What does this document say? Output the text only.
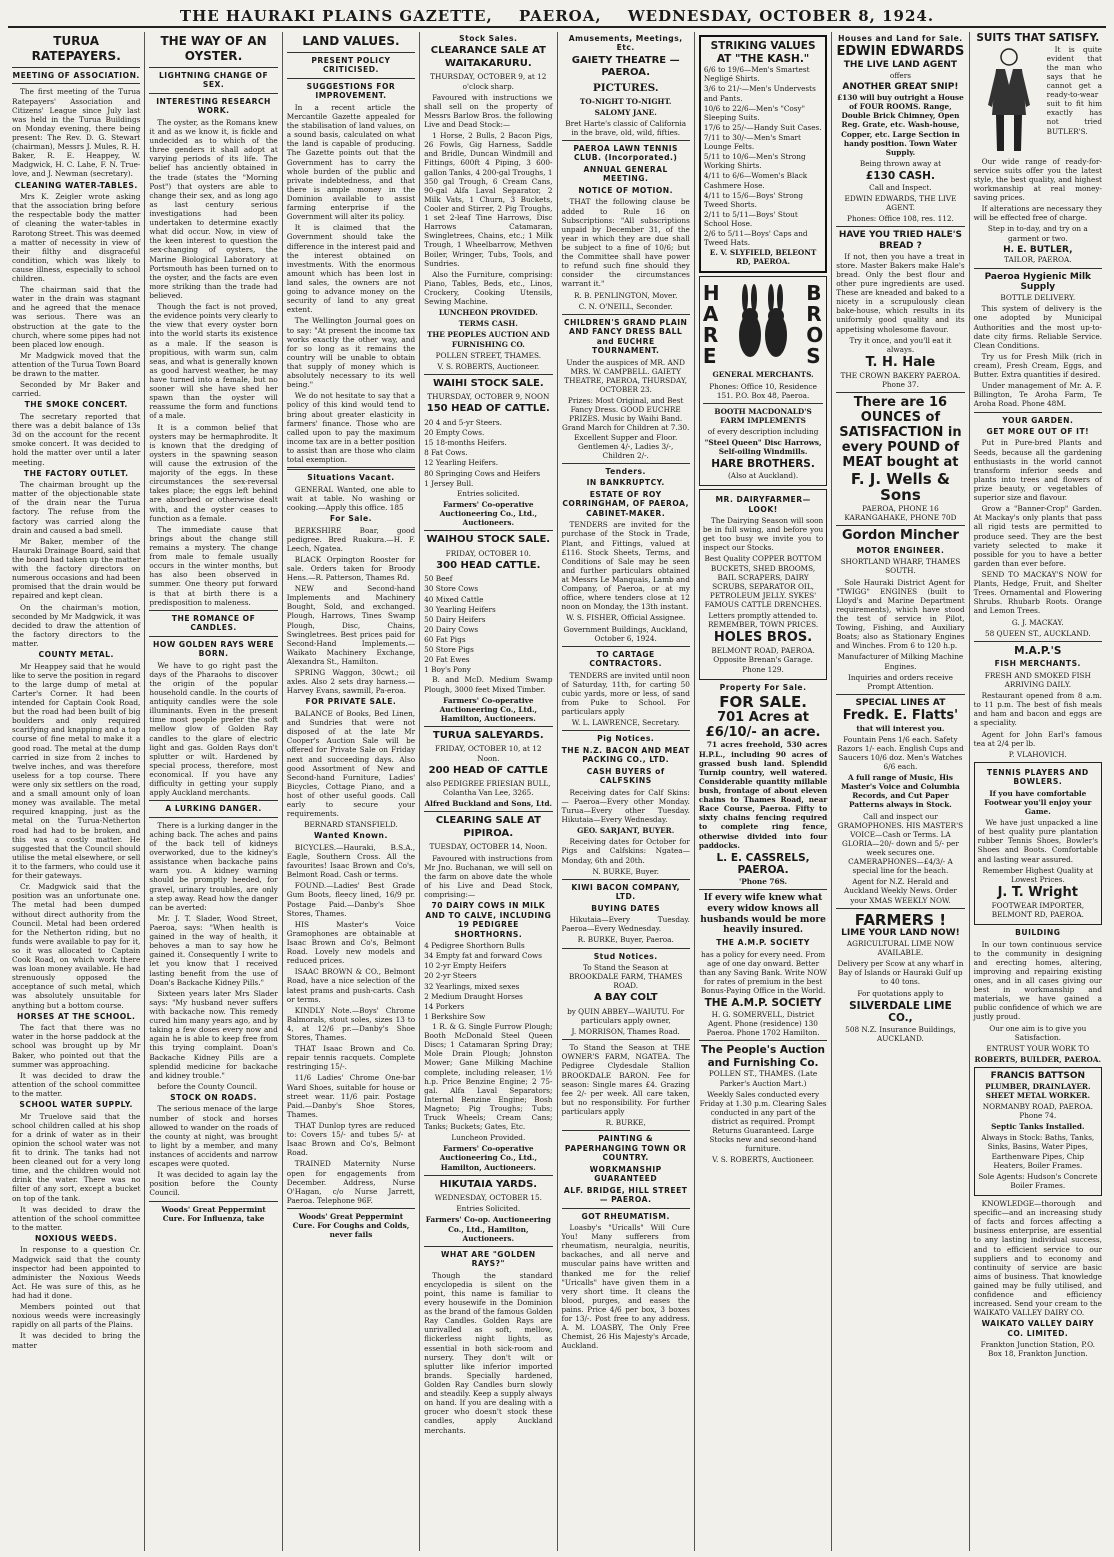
THE HAURAKI PLAINS GAZETTE, PAEROA, WEDNESDAY, OCTOBER 8, 1924.
TURUA RATEPAYERS.
MEETING OF ASSOCIATION.

The first meeting of the Turua Ratepayers' Association and Citizens' League since July last was held in the Turua Buildings on Monday evening, there being present: The Rev. D. G. Stewart (chairman), Messrs J. Mules, R. H. Baker, R. E. Heappey, W. Madgwick, H. C. Lahe, F. N. True-love, and J. Newman (secretary).

CLEANING WATER-TABLES.

Mrs K. Zeigler wrote asking that the association bring before the respectable body the matter of cleaning the water-tables in Rarotong Street. This was deemed a matter of necessity in view of their filthy and disgraceful condition, which was likely to cause illness, especially to school children.

The chairman said that the water in the drain was stagnant and he agreed that the menace was serious. There was an obstruction at the gate to the church, where some pipes had not been placed low enough.

Mr Madgwick moved that the attention of the Turua Town Board be drawn to the matter.

Seconded by Mr Baker and carried.

THE SMOKE CONCERT.

The secretary reported that there was a debit balance of 13s 3d on the account for the recent smoke concert. It was decided to hold the matter over until a later meeting.

THE FACTORY OUTLET.

The chairman brought up the matter of the objectionable state of the drain near the Turua factory. The refuse from the factory was carried along the drain and caused a bad smell.

Mr Baker, member of the Hauraki Drainage Board, said that the board had taken up the matter with the factory directors on numerous occasions and had been promised that the drain would be repaired and kept clean.

On the chairman's motion, seconded by Mr Madgwick, it was decided to draw the attention of the factory directors to the matter.

COUNTY METAL.

Mr Heappey said that he would like to serve the position in regard to the large dump of metal at Carter's Corner. It had been intended for Captain Cook Road, but the road had been built of big boulders and only required scarifying and knapping and a top course of fine metal to make it a good road. The metal at the dump carried in size from 2 inches to twelve inches, and was therefore useless for a top course. There were only six settlers on the road, and a small amount only of loan money was available. The metal required knapping, just as the metal on the Turua-Netherton road had had to be broken, and this was a costly matter. He suggested that the Council should utilise the metal elsewhere, or sell it to the farmers, who could use it for their gateways.

Cr. Madgwick said that the position was an unfortunate one. The metal had been dumped without direct authority from the Council. Metal had been ordered for the Netherton riding, but no funds were available to pay for it, so it was allocated to Captain Cook Road, on which work there was loan money available. He had strenuously opposed the acceptance of such metal, which was absolutely unsuitable for anything but a bottom course.

HORSES AT THE SCHOOL.

The fact that there was no water in the horse paddock at the school was brought up by Mr Baker, who pointed out that the summer was approaching.

It was decided to draw the attention of the school committee to the matter.

SCHOOL WATER SUPPLY.

Mr Truelove said that the school children called at his shop for a drink of water as in their opinion the school water was not fit to drink. The tanks had not been cleaned out for a very long time, and the children would not drink the water. There was no filter of any sort, except a bucket on top of the tank.

It was decided to draw the attention of the school committee to the matter.

NOXIOUS WEEDS.

In response to a question Cr. Madgwick said that the county inspector had been appointed to administer the Noxious Weeds Act. He was sure of this, as he had had it done.

Members pointed out that noxious weeds were increasingly rapidly on all parts of the Plains.

It was decided to bring the matter

THE WAY OF AN OYSTER.
LIGHTNING CHANGE OF SEX.
INTERESTING RESEARCH WORK.

The oyster, as the Romans knew it and as we know it, is fickle and undecided as to which of the three genders it shall adopt at varying periods of its life. The belief has anciently obtained in the trade (states the "Morning Post") that oysters are able to change their sex, and as long ago as last century serious investigations had been undertaken to determine exactly what did occur. Now, in view of the keen interest to question the sex-changing of oysters, the Marine Biological Laboratory at Portsmouth has been turned on to the oyster, and the facts are even more striking than the trade had believed.

Though the fact is not proved, the evidence points very clearly to the view that every oyster born into the world starts its existence as a male. If the season is propitious, with warm sun, calm seas, and what is generally known as good harvest weather, he may have turned into a female, but no sooner will she have shed her spawn than the oyster will reassume the form and functions of a male.

It is a common belief that oysters may be hermaphrodite. It is known that the dredging of oysters in the spawning season will cause the extrusion of the majority of the eggs. In these circumstances the sex-reversal takes place; the eggs left behind are absorbed or otherwise dealt with, and the oyster ceases to function as a female.

The immediate cause that brings about the change still remains a mystery. The change from male to female usually occurs in the winter months, but has also been observed in summer. One theory put forward is that at birth there is a predisposition to maleness.

THE ROMANCE OF CANDLES.
HOW GOLDEN RAYS WERE BORN.

We have to go right past the days of the Pharaohs to discover the origin of the popular household candle. In the courts of antiquity candles were the sole illuminants. Even in the present time most people prefer the soft mellow glow of Golden Ray candles to the glare of electric light and gas. Golden Rays don't splutter or wilt. Hardened by special process, therefore, most economical. If you have any difficulty in getting your supply apply Auckland merchants.

A LURKING DANGER.

There is a lurking danger in the aching back. The aches and pains of the back tell of kidneys overworked, due to the kidney's assistance when backache pains warn you. A kidney warning should be promptly heeded, for gravel, urinary troubles, are only a step away. Read how the danger can be averted:

Mr. J. T. Slader, Wood Street, Paeroa, says: "When health is gained in the way of health, it behoves a man to say how he gained it. Consequently I write to let you know that I received lasting benefit from the use of Doan's Backache Kidney Pills."

Sixteen years later Mrs Slader says: "My husband never suffers with backache now. This remedy cured him many years ago, and by taking a few doses every now and again he is able to keep free from this trying complaint. Doan's Backache Kidney Pills are a splendid medicine for backache and kidney trouble."

before the County Council.

STOCK ON ROADS.

The serious menace of the large number of stock and horses allowed to wander on the roads of the county at night, was brought to light by a member, and many instances of accidents and narrow escapes were quoted.

It was decided to again lay the position before the County Council.

Woods' Great Peppermint Cure. For Influenza, take

LAND VALUES.
PRESENT POLICY CRITICISED.
SUGGESTIONS FOR IMPROVEMENT.

In a recent article the Mercantile Gazette appealed for the stabilisation of land values, on a sound basis, calculated on what the land is capable of producing. The Gazette points out that the Government has to carry the whole burden of the public and private indebtedness, and that there is ample money in the Dominion available to assist farming enterprise if the Government will alter its policy.

It is claimed that the Government should take the difference in the interest paid and the interest obtained on investments. With the enormous amount which has been lost in land sales, the owners are not going to advance money on the security of land to any great extent.

The Wellington Journal goes on to say: "At present the income tax works exactly the other way, and for so long as it remains the country will be unable to obtain that supply of money which is absolutely necessary to its well being."

We do not hesitate to say that a policy of this kind would tend to bring about greater elasticity in farmers' finance. Those who are called upon to pay the maximum income tax are in a better position to assist than are those who claim total exemption.

Situations Vacant.

GENERAL Wanted, one able to wait at table. No washing or cooking.—Apply this office. 185

For Sale.

BERKSHIRE Boar, good pedigree. Bred Ruakura.—H. F. Leech, Ngatea.

BLACK Orpington Rooster for sale. Orders taken for Broody Hens.—R. Patterson, Thames Rd.

NEW and Second-hand Implements and Machinery Bought, Sold, and exchanged. Plough, Harrows, Tines Swamp Plough, Disc, Chains, Swingletrees. Best prices paid for Second-Hand Implements.—Waikato Machinery Exchange, Alexandra St., Hamilton.

SPRING Waggon, 30cwt.; oil axles. Also 2 sets dray harness.—Harvey Evans, sawmill, Pa-eroa.

FOR PRIVATE SALE.

BALANCE of Books, Bed Linen, and Sundries that were not disposed of at the late Mr Cooper's Auction Sale will be offered for Private Sale on Friday next and succeeding days. Also good Assortment of New and Second-hand Furniture, Ladies' Bicycles, Cottage Piano, and a host of other useful goods. Call early to secure your requirements.

BERNARD STANSFIELD.

Wanted Known.

BICYCLES.—Hauraki, B.S.A., Eagle, Southern Cross. All the favourites! Isaac Brown and Co's, Belmont Road. Cash or terms.

FOUND.—Ladies' Best Grade Gum Boots, fleecy lined, 16/9 pr. Postage Paid.—Danby's Shoe Stores, Thames.

HIS Master's Voice Gramophones are obtainable at Isaac Brown and Co's, Belmont Road. Lovely new models and reduced prices.

ISAAC BROWN & CO., Belmont Road, have a nice selection of the latest prams and push-carts. Cash or terms.

KINDLY Note.—Boys' Chrome Balmorals, stout soles, sizes 13 to 4, at 12/6 pr.—Danby's Shoe Stores, Thames.

THAT Isaac Brown and Co. repair tennis racquets. Complete restringing 15/-.

11/6 Ladies' Chrome One-bar Ward Shoes, suitable for house or street wear. 11/6 pair. Postage Paid.—Danby's Shoe Stores, Thames.

THAT Dunlop tyres are reduced to: Covers 15/- and tubes 5/- at Isaac Brown and Co's, Belmont Road.

TRAINED Maternity Nurse open for engagements from December. Address, Nurse O'Hagan, c/o Nurse Jarrett, Paeroa. Telephone 96F.

Woods' Great Peppermint Cure. For Coughs and Colds, never fails

Stock Sales.
CLEARANCE SALE AT WAITAKARURU.

THURSDAY, OCTOBER 9, at 12 o'clock sharp.

Favoured with instructions we shall sell on the property of Messrs Barlow Bros. the following Live and Dead Stock:—

1 Horse, 2 Bulls, 2 Bacon Pigs, 26 Fowls, Gig Harness, Saddle and Bridle, Duncan Windmill and Fittings, 600ft 4 Piping, 3 600-gallon Tanks, 4 200-gal Troughs, 1 350 gal Trough, 6 Cream Cans, 90-gal Alfa Laval Separator, 2 Milk Vats, 1 Churn, 3 Buckets, Cooler and Stirrer, 2 Pig Troughs, 1 set 2-leaf Tine Harrows, Disc Harrows Catamaran, Swingletrees, Chains, etc.; 1 Milk Trough, 1 Wheelbarrow, Methven Boiler, Wringer, Tubs, Tools, and Sundries.

Also the Furniture, comprising: Piano, Tables, Beds, etc., Linos, Crockery, Cooking Utensils, Sewing Machine.

LUNCHEON PROVIDED.

TERMS CASH.

THE PEOPLES AUCTION AND FURNISHING CO.

POLLEN STREET, THAMES.

V. S. ROBERTS, Auctioneer.

WAIHI STOCK SALE.

THURSDAY, OCTOBER 9, NOON

150 HEAD OF CATTLE.
20 4 and 5-yr Steers.
20 Empty Cows.
15 18-months Heifers.
8 Fat Cows.
12 Yearling Heifers.
80 Springing Cows and Heifers
1 Jersey Bull.

Entries solicited.

Farmers' Co-operative Auctioneering Co., Ltd., Auctioneers.

WAIHOU STOCK SALE.

FRIDAY, OCTOBER 10.

300 HEAD CATTLE.
50 Beef
30 Store Cows
40 Mixed Cattle
30 Yearling Heifers
50 Dairy Heifers
20 Dairy Cows
60 Fat Pigs
50 Store Pigs
20 Fat Ewes
1 Boy's Pony

B. and McD. Medium Swamp Plough, 3000 feet Mixed Timber.

Farmers' Co-operative Auctioneering Co., Ltd., Hamilton, Auctioneers.

TURUA SALEYARDS.

FRIDAY, OCTOBER 10, at 12 Noon.

200 HEAD OF CATTLE

also PEDIGREE FRIESIAN BULL, Colantha Van Lee, 3265.

Alfred Buckland and Sons, Ltd.

CLEARING SALE AT PIPIROA.

TUESDAY, OCTOBER 14, Noon.

Favoured with instructions from Mr Jno. Buchanan, we will sell on the farm on above date the whole of his Live and Dead Stock, comprising:—

70 DAIRY COWS IN MILK AND TO CALVE, INCLUDING 19 PEDIGREE SHORTHORNS.
4 Pedigree Shorthorn Bulls
34 Empty fat and forward Cows
10 2-yr Empty Heifers
20 2-yr Steers
32 Yearlings, mixed sexes
2 Medium Draught Horses
14 Porkers
1 Berkshire Sow

1 R. & G. Single Furrow Plough; Booth McDonald Steel Queen Discs; 1 Catamaran Spring Dray; Mole Drain Plough; Johnston Mower; Gane Milking Machine complete, including releaser, 1½ h.p. Price Benzine Engine; 2 75-gal. Alfa Laval Separators; Internal Benzine Engine; Bosh Magneto; Pig Troughs; Tubs; Truck Wheels; Cream Cans; Tanks; Buckets; Gates, Etc.

Luncheon Provided.

Farmers' Co-operative Auctioneering Co., Ltd., Hamilton, Auctioneers.

HIKUTAIA YARDS.

WEDNESDAY, OCTOBER 15.

Entries Solicited.

Farmers' Co-op. Auctioneering Co., Ltd., Hamilton, Auctioneers.

WHAT ARE "GOLDEN RAYS?"

Though the standard encyclopedia is silent on the point, this name is familiar to every housewife in the Dominion as the brand of the famous Golden Ray Candles. Golden Rays are unrivalled as soft, mellow, flickerless night lights, as essential in both sick-room and nursery. They don't wilt or splutter like inferior imported brands. Specially hardened, Golden Ray Candles burn slowly and steadily. Keep a supply always on hand. If you are dealing with a grocer who doesn't stock these candles, apply Auckland merchants.

Amusements, Meetings, Etc.
GAIETY THEATRE — PAEROA.

PICTURES.

TO-NIGHT TO-NIGHT.

SALOMY JANE.

Bret Harte's classic of California in the brave, old, wild, fifties.

PAEROA LAWN TENNIS CLUB. (Incorporated.)
ANNUAL GENERAL MEETING.
NOTICE OF MOTION.

THAT the following clause be added to Rule 16 on Subscriptions: "All subscriptions unpaid by December 31, of the year in which they are due shall be subject to a fine of 10/6; but the Committee shall have power to refund such fine should they consider the circumstances warrant it."

R. B. PENLINGTON, Mover.

C. N. O'NEILL, Seconder.

CHILDREN'S GRAND PLAIN AND FANCY DRESS BALL and EUCHRE TOURNAMENT.

Under the auspices of MR. AND MRS. W. CAMPBELL. GAIETY THEATRE, PAEROA, THURSDAY, OCTOBER 23.

Prizes: Most Original, and Best Fancy Dress. GOOD EUCHRE PRIZES. Music by Waihi Band. Grand March for Children at 7.30. Excellent Supper and Floor. Gentlemen 4/-, Ladies 3/-, Children 2/-.

Tenders.
IN BANKRUPTCY.
ESTATE OF ROY CORRINGHAM, OF PAEROA, CABINET-MAKER.

TENDERS are invited for the purchase of the Stock in Trade, Plant, and Fittings, valued at £116. Stock Sheets, Terms, and Conditions of Sale may be seen and further particulars obtained at Messrs Le Manquais, Lamb and Company, of Paeroa, or at my office, where tenders close at 12 noon on Monday, the 13th instant.

W. S. FISHER, Official Assignee.

Government Buildings, Auckland, October 6, 1924.

TO CARTAGE CONTRACTORS.

TENDERS are invited until noon of Saturday, 11th, for carting 50 cubic yards, more or less, of sand from Puke to School. For particulars apply

W. L. LAWRENCE, Secretary.

Pig Notices.
THE N.Z. BACON AND MEAT PACKING CO., LTD.
CASH BUYERS of CALFSKINS

Receiving dates for Calf Skins:— Paeroa—Every other Monday. Turua—Every other Tuesday. Hikutaia—Every Wednesday.

GEO. SARJANT, BUYER.

Receiving dates for October for Pigs and Calfskins: Ngatea—Monday, 6th and 20th.

N. BURKE, Buyer.

KIWI BACON COMPANY, LTD.
BUYING DATES

Hikutaia—Every Tuesday. Paeroa—Every Wednesday.

R. BURKE, Buyer, Paeroa.

Stud Notices.

To Stand the Season at BROOKDALE FARM, THAMES ROAD.

A BAY COLT

by QUIN ABBEY—WAIUTU. For particulars apply owner,

J. MORRISON, Thames Road.

To Stand the Season at THE OWNER'S FARM, NGATEA. The Pedigree Clydesdale Stallion BROOKDALE BARON. Fee for season: Single mares £4. Grazing fee 2/- per week. All care taken, but no responsibility. For further particulars apply

R. BURKE,

PAINTING & PAPERHANGING TOWN OR COUNTRY.
WORKMANSHIP GUARANTEED
ALF. BRIDGE, HILL STREET — PAEROA.
GOT RHEUMATISM.

Loasby's "Uricalls" Will Cure You! Many sufferers from rheumatism, neuralgia, neuritis, backaches, and all nerve and muscular pains have written and thanked me for the relief "Uricalls" have given them in a very short time. It cleans the blood, purges, and eases the pains. Price 4/6 per box, 3 boxes for 13/-. Post free to any address. A. M. LOASBY, The Only Free Chemist, 26 His Majesty's Arcade, Auckland.

STRIKING VALUES AT "THE KASH."
6/6 to 19/6—Men's Smartest Negligé Shirts.
3/6 to 21/-—Men's Undervests and Pants.
10/6 to 22/6—Men's "Cosy" Sleeping Suits.
17/6 to 25/-—Handy Suit Cases.
7/11 to 30/-—Men's Smart Lounge Felts.
5/11 to 10/6—Men's Strong Working Shirts.
4/11 to 6/6—Women's Black Cashmere Hose.
4/11 to 15/6—Boys' Strong Tweed Shorts.
2/11 to 5/11—Boys' Stout School Hose.
2/6 to 5/11—Boys' Caps and Tweed Hats.

E. V. SLYFIELD, BELEONT RD, PAEROA.

H
A
R
E
B
R
O
S

GENERAL MERCHANTS.

Phones: Office 10, Residence 151. P.O. Box 48, Paeroa.

BOOTH MACDONALD'S FARM IMPLEMENTS

of every description including

"Steel Queen" Disc Harrows, Self-oiling Windmills.

HARE BROTHERS.

(Also at Auckland).

MR. DAIRYFARMER—LOOK!

The Dairying Season will soon be in full swing, and before you get too busy we invite you to inspect our Stocks.

Best Quality COPPER BOTTOM BUCKETS, SHED BROOMS, BAIL SCRAPERS, DAIRY SCRUBS, SEPARATOR OIL, PETROLEUM JELLY. SYKES' FAMOUS CATTLE DRENCHES.

Letters promptly attended to. REMEMBER, TOWN PRICES.

HOLES BROS.

BELMONT ROAD, PAEROA. Opposite Brenan's Garage. Phone 129.

Property For Sale.
FOR SALE.
701 Acres at £6/10/- an acre.

71 acres freehold, 530 acres H.P.L., including 90 acres of grassed bush land. Splendid Turnip country, well watered. Considerable quantity millable bush, frontage of about eleven chains to Thames Road, near Race Course, Paeroa. Fifty to sixty chains fencing required to complete ring fence, otherwise divided into four paddocks.

L. E. CASSRELS, PAEROA.

'Phone 76S.

If every wife knew what every widow knows all husbands would be more heavily insured.

THE A.M.P. SOCIETY

has a policy for every need. From age of one day onward. Better than any Saving Bank. Write NOW for rates of premium in the best Bonus-Paying Office in the World.

THE A.M.P. SOCIETY

H. G. SOMERVELL, District Agent. Phone (residence) 130 Paeroa. Phone 1702 Hamilton.

The People's Auction and Furnishing Co.

POLLEN ST., THAMES. (Late Parker's Auction Mart.)

Weekly Sales conducted every Friday at 1.30 p.m. Clearing Sales conducted in any part of the district as required. Prompt Returns Guaranteed. Large Stocks new and second-hand furniture.

V. S. ROBERTS, Auctioneer.

Houses and Land for Sale.
EDWIN EDWARDS
THE LIVE LAND AGENT

offers

ANOTHER GREAT SNIP!

£130 will buy outright a House of FOUR ROOMS. Range, Double Brick Chimney, Open Reg. Grate, etc. Wash-house, Copper, etc. Large Section in handy position. Town Water Supply.

Being thrown away at

£130 CASH.

Call and Inspect.

EDWIN EDWARDS, THE LIVE AGENT.

Phones: Office 108, res. 112.

HAVE YOU TRIED HALE'S BREAD ?

If not, then you have a treat in store. Master Bakers make Hale's bread. Only the best flour and other pure ingredients are used. These are kneaded and baked to a nicety in a scrupulously clean bake-house, which results in its uniformly good quality and its appetising wholesome flavour.

Try it once, and you'll eat it always.

T. H. Hale

THE CROWN BAKERY PAEROA. Phone 37.

There are 16 OUNCES of SATISFACTION in every POUND of MEAT bought at
F. J. Wells & Sons

PAEROA, PHONE 16 KARANGAHAKE, PHONE 70D

Gordon Mincher
MOTOR ENGINEER.

SHORTLAND WHARF, THAMES SOUTH.

Sole Hauraki District Agent for "TWIGG" ENGINES (built to Lloyd's and Marine Department requirements), which have stood the test of service in Pilot, Towing, Fishing, and Auxiliary Boats; also as Stationary Engines and Winches. From 6 to 120 h.p.

Manufacturer of Milking Machine Engines.

Inquiries and orders receive Prompt Attention.

SPECIAL LINES AT
Fredk. E. Flatts'

that will interest you.

Fountain Pens 1/6 each. Safety Razors 1/- each. English Cups and Saucers 10/6 doz. Men's Watches 6/6 each.

A full range of Music, His Master's Voice and Columbia Records, and Cut Paper Patterns always in Stock.

Call and inspect our GRAMOPHONES. HIS MASTER'S VOICE—Cash or Terms. LA GLORIA—20/- down and 5/- per week secures one. CAMERAPHONES—£4/3/- A special line for the beach.

Agent for N.Z. Herald and Auckland Weekly News. Order your XMAS WEEKLY NOW.

FARMERS !
LIME YOUR LAND NOW!

AGRICULTURAL LIME NOW AVAILABLE.

Delivery per Scow at any wharf in Bay of Islands or Hauraki Gulf up to 40 tons.

For quotations apply to

SILVERDALE LIME CO.,

508 N.Z. Insurance Buildings, AUCKLAND.

SUITS THAT SATISFY.

It is quite evident that the man who says that he cannot get a ready-to-wear suit to fit him exactly has not tried BUTLER'S.

Our wide range of ready-for-service suits offer you the latest style, the best quality, and highest workmanship at real money-saving prices.

If alterations are necessary they will be effected free of charge.

Step in to-day, and try on a garment or two.

H. E. BUTLER,

TAILOR, PAEROA.

Paeroa Hygienic Milk Supply

BOTTLE DELIVERY.

This system of delivery is the one adopted by Municipal Authorities and the most up-to-date city firms. Reliable Service. Clean Conditions.

Try us for Fresh Milk (rich in cream), Fresh Cream, Eggs, and Butter. Extra quantities if desired.

Under management of Mr. A. F. Billington, Te Aroha Farm, Te Aroha Road. Phone 48M.

YOUR GARDEN.
GET MORE OUT OF IT!

Put in Pure-bred Plants and Seeds, because all the gardening enthusiasts in the world cannot transform inferior seeds and plants into trees and flowers of prize beauty, or vegetables of superior size and flavour.

Grow a "Banner-Crop" Garden. At Mackay's only plants that pass all rigid tests are permitted to produce seed. They are the best variety selected to make it possible for you to have a better garden than ever before.

SEND TO MACKAY'S NOW for Plants, Hedge, Fruit, and Shelter Trees. Ornamental and Flowering Shrubs. Rhubarb Roots. Orange and Lemon Trees.

G. J. MACKAY.

58 QUEEN ST., AUCKLAND.

M.A.P.'S
FISH MERCHANTS.

FRESH AND SMOKED FISH ARRIVING DAILY.

Restaurant opened from 8 a.m. to 11 p.m. The best of fish meals and ham and bacon and eggs are a speciality.

Agent for John Earl's famous tea at 2/4 per lb.

P. VLAHOVICH.

TENNIS PLAYERS AND BOWLERS.

If you have comfortable Footwear you'll enjoy your Game.

We have just unpacked a line of best quality pure plantation rubber Tennis Shoes, Bowler's Shoes and Boots. Comfortable and lasting wear assured.

Remember Highest Quality at Lowest Prices.

J. T. Wright

FOOTWEAR IMPORTER, BELMONT RD, PAEROA.

BUILDING

In our town continuous service to the community in designing and erecting homes, altering, improving and repairing existing ones, and in all cases giving our best in workmanship and materials, we have gained a public confidence of which we are justly proud.

Our one aim is to give you Satisfaction.

ENTRUST YOUR WORK TO

ROBERTS, BUILDER, PAEROA.

FRANCIS BATTSON

PLUMBER, DRAINLAYER. SHEET METAL WORKER.

NORMANBY ROAD, PAEROA. Phone 74.

Septic Tanks Installed.

Always in Stock: Baths, Tanks, Sinks, Basins, Water Pipes, Earthenware Pipes, Chip Heaters, Boiler Frames.

Sole Agents: Hudson's Concrete Boiler Frames.

KNOWLEDGE—thorough and specific—and an increasing study of facts and forces affecting a business enterprise, are essential to any lasting individual success, and to efficient service to our suppliers and to economy and continuity of service are basic aims of business. That knowledge gained may be fully utilised, and confidence and efficiency increased. Send your cream to the WAIKATO VALLEY DAIRY CO.

WAIKATO VALLEY DAIRY CO. LIMITED.

Frankton Junction Station, P.O. Box 18, Frankton Junction.
